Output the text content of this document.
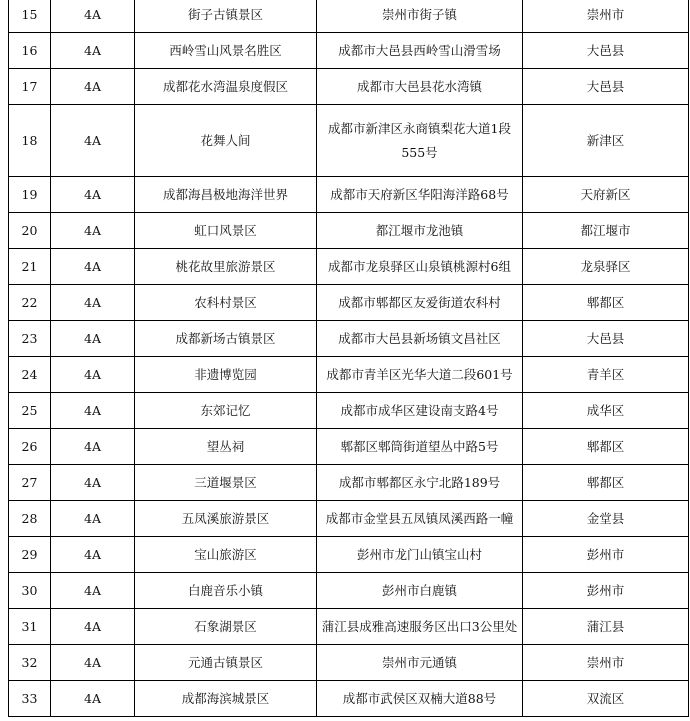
15	4A	街子古镇景区	崇州市街子镇	崇州市
16	4A	西岭雪山风景名胜区	成都市大邑县西岭雪山滑雪场	大邑县
17	4A	成都花水湾温泉度假区	成都市大邑县花水湾镇	大邑县
18	4A	花舞人间	成都市新津区永商镇梨花大道1段555号	新津区
19	4A	成都海昌极地海洋世界	成都市天府新区华阳海洋路68号	天府新区
20	4A	虹口风景区	都江堰市龙池镇	都江堰市
21	4A	桃花故里旅游景区	成都市龙泉驿区山泉镇桃源村6组	龙泉驿区
22	4A	农科村景区	成都市郫都区友爱街道农科村	郫都区
23	4A	成都新场古镇景区	成都市大邑县新场镇文昌社区	大邑县
24	4A	非遗博览园	成都市青羊区光华大道二段601号	青羊区
25	4A	东郊记忆	成都市成华区建设南支路4号	成华区
26	4A	望丛祠	郫都区郫筒街道望丛中路5号	郫都区
27	4A	三道堰景区	成都市郫都区永宁北路189号	郫都区
28	4A	五凤溪旅游景区	成都市金堂县五凤镇凤溪西路一幢	金堂县
29	4A	宝山旅游区	彭州市龙门山镇宝山村	彭州市
30	4A	白鹿音乐小镇	彭州市白鹿镇	彭州市
31	4A	石象湖景区	蒲江县成雅高速服务区出口3公里处	蒲江县
32	4A	元通古镇景区	崇州市元通镇	崇州市
33	4A	成都海滨城景区	成都市武侯区双楠大道88号	双流区
